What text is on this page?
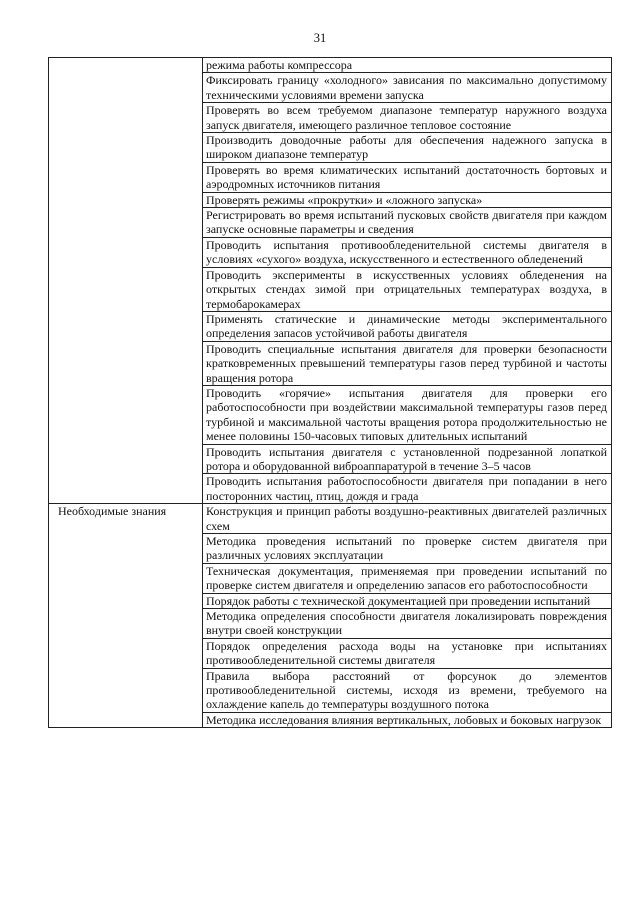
31

	режима работы компрессора

	Фиксировать границу «холодного» зависания по максимально допустимому техническими условиями времени запуска

	Проверять во всем требуемом диапазоне температур наружного воздуха запуск двигателя, имеющего различное тепловое состояние

	Производить доводочные работы для обеспечения надежного запуска в широком диапазоне температур

	Проверять во время климатических испытаний достаточность бортовых и аэродромных источников питания

	Проверять режимы «прокрутки» и «ложного запуска»

	Регистрировать во время испытаний пусковых свойств двигателя при каждом запуске основные параметры и сведения

	Проводить испытания противообледенительной системы двигателя в условиях «сухого» воздуха, искусственного и естественного обледенений

	Проводить эксперименты в искусственных условиях обледенения на открытых стендах зимой при отрицательных температурах воздуха, в термобарокамерах

	Применять статические и динамические методы экспериментального определения запасов устойчивой работы двигателя

	Проводить специальные испытания двигателя для проверки безопасности кратковременных превышений температуры газов перед турбиной и частоты вращения ротора

	Проводить «горячие» испытания двигателя для проверки его работоспособности при воздействии максимальной температуры газов перед турбиной и максимальной частоты вращения ротора продолжительностью не менее половины 150-часовых типовых длительных испытаний

	Проводить испытания двигателя с установленной подрезанной лопаткой ротора и оборудованной виброаппаратурой в течение 3–5 часов

	Проводить испытания работоспособности двигателя при попадании в него посторонних частиц, птиц, дождя и града

Необходимые знания	Конструкция и принцип работы воздушно-реактивных двигателей различных схем

	Методика проведения испытаний по проверке систем двигателя при различных условиях эксплуатации

	Техническая документация, применяемая при проведении испытаний по проверке систем двигателя и определению запасов его работоспособности

	Порядок работы с технической документацией при проведении испытаний

	Методика определения способности двигателя локализировать повреждения внутри своей конструкции

	Порядок определения расхода воды на установке при испытаниях противообледенительной системы двигателя

	Правила выбора расстояний от форсунок до элементов противообледенительной системы, исходя из времени, требуемого на охлаждение капель до температуры воздушного потока

	Методика исследования влияния вертикальных, лобовых и боковых нагрузок
